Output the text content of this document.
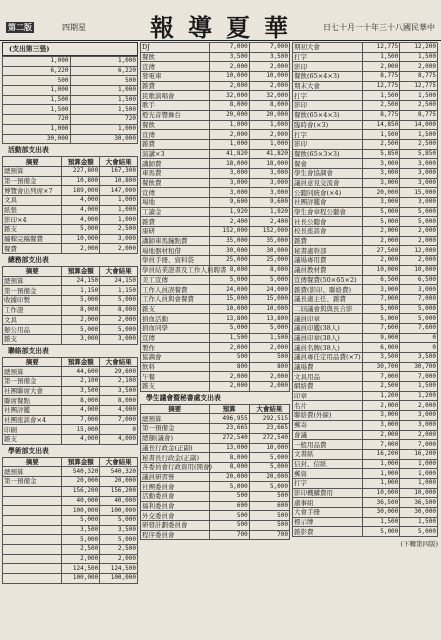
第二版	四期星	報導夏華	日七十月一十年三十八國民華中
(支出第三張)
1,000	1,000
6,220	6,220
500	500
1,000	1,000
1,500	1,500
1,500	1,500
720	720
1,000	1,000
30,000	30,000
活動部支出表
摘要	預算金額	大會結果
總預算	227,800	167,300
第一預備金	10,800	10,800
博覽會出列席×7	189,000	147,000
文具	4,000	1,000
紙張	4,000	1,000
影印×4	4,000	1,000
雜支	5,000	2,500
編輯完稿餐費	10,000	3,000
餐費	2,000	2,000
總務部支出表
摘要	預算金額	大會結果
總預算	24,150	24,150
第一預備金	1,150	1,150
收據印製	5,000	5,000
工作證	8,000	8,000
文具	2,000	2,000
辦公用品	5,000	5,000
雜支	3,000	3,000
聯絡部支出表
摘要	預算金額	大會結果
總預算	44,600	29,600
第一預備金	2,100	2,100
社團聯席大會	3,500	3,500
聯席餐點	8,000	8,000
社團評鑑	4,000	4,000
社團座談會×4	7,000	7,000
印刷	15,000	0
雜支	4,000	4,000
學術部支出表
摘要	預算金額	大會結果
總預算	540,320	540,320
第一預備金	20,000	20,000
	156,200	156,200
	40,000	40,000
	100,000	100,000
	5,000	5,000
	3,500	3,500
	5,000	5,000
	2,500	2,500
	2,000	2,000
	124,500	124,500
	100,000	100,000
DJ	7,000	7,000
餐飲	3,500	3,500
宣傳	2,000	2,000
發電車	10,000	10,000
雜費	2,000	2,000
民歌演唱會	32,000	32,000
歌手	8,000	8,000
燈光音響舞台	20,000	20,000
餐飲	1,000	1,000
宣傳	2,000	2,000
雜費	1,000	1,000
演講×3	41,820	41,820
講師費	18,000	18,000
車馬費	3,000	3,000
餐飲費	3,000	3,000
宣傳	3,000	3,000
場地	9,600	9,600
工讀金	1,920	1,920
雜費	2,400	2,400
康研	152,000	152,000
講師車馬鐘點費	35,000	35,000
場地器材租借	30,000	30,000
學員手冊、資料袋	25,000	25,000
學員結業證書及工作人員聘書	8,000	8,000
美工宣傳	5,000	5,000
工作人員誤餐費	24,000	24,000
工作人員與會餐費	15,000	15,000
雜支	10,000	10,000
捐血活動	13,800	13,800
捐血同學	5,000	5,000
宣傳	1,500	1,500
製作	2,000	2,000
協調會	500	500
飲料	800	800
午餐	2,000	2,000
雜支	2,000	2,000
學生議會暨秘書處支出表
摘要	預算	大會結果
總預算	496,955	292,515
第一預備金	23,665	23,665
總額(議會)	272,540	272,540
議長行政金(正副)	13,000	10,000
秘書長行政金(正副)	8,000	5,000
各委員會行政資用(開會)	8,000	5,000
議員研習營	20,000	20,000
社團委員會	5,000	5,000
活動委員會	500	500
福利委員會	600	600
外交委員會	500	500
研發計劃委員會	500	500
程序委員會	700	700
期初大會	12,775	12,200
打字	1,500	1,500
影印	2,000	2,000
餐飲(65×4×3)	8,775	8,775
期末大會	12,775	12,775
打字	1,500	1,500
影印	2,500	2,500
餐飲(65×4×3)	8,775	8,775
臨時會(×3)	14,850	14,000
打字	1,500	1,500
影印	2,500	2,500
餐飲(65×3×3)	5,850	5,850
餐會	3,000	3,000
學生會協調會	3,000	3,000
議員意見交流會	3,000	3,000
公聽同統會(×4)	20,000	15,000
社團評鑑會	3,000	3,000
學生會章程公聽會	5,000	5,000
社長公聽會	5,000	5,000
校長座談會	2,000	2,000
雜費	2,000	2,000
秘書處幹部	27,500	12,000
議場專用費	2,000	2,000
議員教材費	10,000	10,000
宣傳餐費(50×65×2)	6,500	6,500
雜費(影印、聯絡費)	3,000	3,000
議長處主任、雜費	7,000	7,000
二屆議會與與長合影	5,000	5,000
議員印章	5,000	5,000
議員印鑑(38人)	7,600	7,600
議員印章(38人)	9,000	0
議員名牌(38人)	6,000	0
議員專任定用品費(×7)	3,500	3,500
議場費	30,700	30,700
文具用品	7,000	7,000
網絡費	2,500	1,500
印章	1,200	1,200
名片	2,000	2,000
聯絡費(外線)	3,000	3,000
郵寄	3,000	3,000
會議	2,000	2,000
一般用品費	7,000	7,000
文書紙	16,200	16,200
信封、信紙	1,000	1,000
郵資	1,000	1,000
打字	1,000	1,000
影印機購費用	10,000	10,000
處事組	36,500	36,500
大會手冊	30,000	30,000
標示牌	1,500	1,500
雜影費	5,000	5,000
(下轉第四版)
